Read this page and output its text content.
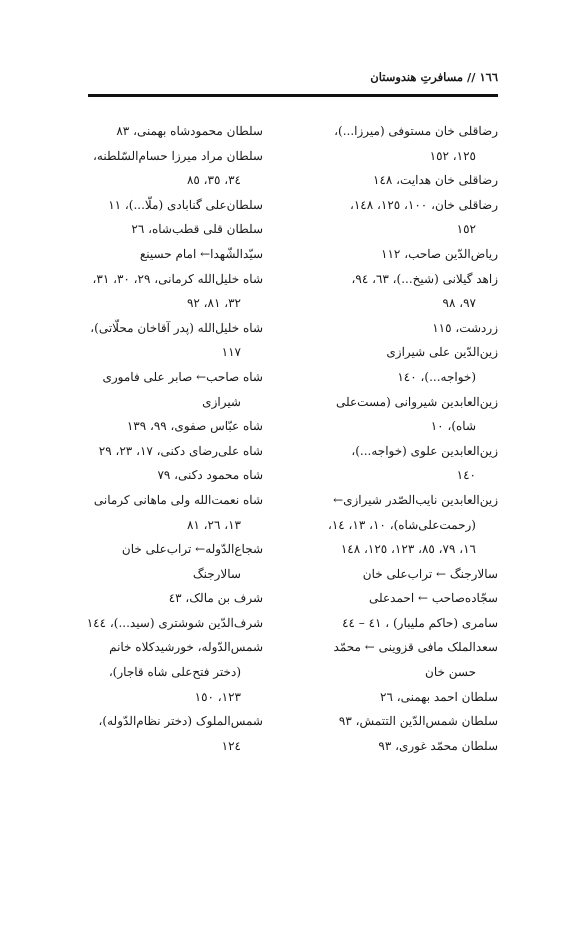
١٦٦ // مسافرتِ هندوستان
رضاقلی خان مستوفی (میرزا...)،
١٢٥، ١٥٢
رضاقلی خان هدایت، ١٤٨
رضاقلی خان، ١٠٠، ١٢٥، ١٤٨،
١٥٢
ریاض‌الدّین صاحب، ١١٢
زاهد گیلانی (شیخ...)، ٦٣، ٩٤،
٩٧، ٩٨
زردشت، ١١٥
زین‌الدّین علی شیرازی
(خواجه...)، ١٤٠
زین‌العابدین شیروانی (مست‌علی
شاه)، ١٠
زین‌العابدین علوی (خواجه...)،
١٤٠
زین‌العابدین نایب‌الصّدر شیرازی←
(رحمت‌علی‌شاه)، ١٠، ١٣، ١٤،
١٦، ٧٩، ٨٥، ١٢٣، ١٢٥، ١٤٨
سالارجنگ ← تراب‌علی خان
سجّاده‌صاحب ← احمدعلی
سامری (حاکم ملیبار) ، ٤١ – ٤٤
سعدالملک مافی قزوینی ← محمّد
حسن خان
سلطان احمد بهمنی، ٢٦
سلطان شمس‌الدّین التتمش، ٩٣
سلطان محمّد غوری، ٩٣
سلطان محمودشاه بهمنی، ٨٣
سلطان مراد میرزا حسام‌السّلطنه،
٣٤، ٣٥، ٨٥
سلطان‌علی گنابادی (ملّا...)، ١١
سلطان قلی قطب‌شاه، ٢٦
سیّدالشّهدا← امام حسینع
شاه خلیل‌الله کرمانی، ٢٩، ٣٠، ٣١،
٣٢، ٨١، ٩٢
شاه خلیل‌الله (پدر آقاخان محلّاتی)،
١١٧
شاه صاحب← صابر علی فاموری
شیرازی
شاه عبّاس صفوی، ٩٩، ١٣٩
شاه علی‌رضای دکنی، ١٧، ٢٣، ٢٩
شاه محمود دکنی، ٧٩
شاه نعمت‌الله ولی ماهانی کرمانی
١٣، ٢٦، ٨١
شجاع‌الدّوله← تراب‌علی خان
سالارجنگ
شرف بن مالک، ٤٣
شرف‌الدّین شوشتری (سید...)، ١٤٤
شمس‌الدّوله، خورشیدکلاه خانم
(دختر فتح‌علی شاه قاجار)،
١٢٣، ١٥٠
شمس‌الملوک (دختر نظام‌الدّوله)،
١٢٤
